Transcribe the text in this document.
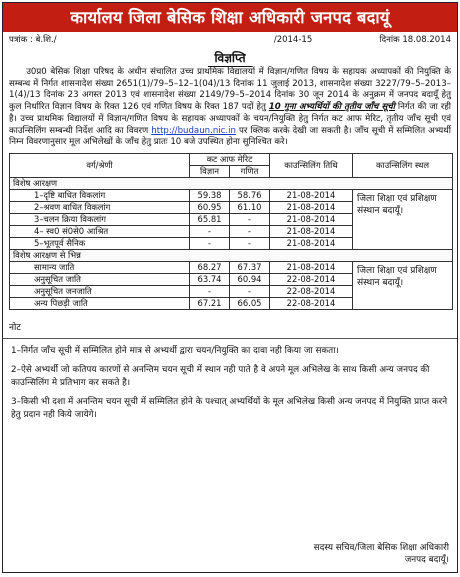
कार्यालय जिला बेसिक शिक्षा अधिकारी जनपद बदायूं
पत्रांक : बे.शि./	/2014-15	दिनांक 18.08.2014
विज्ञप्ति
  उ0प्र0 बेसिक शिक्षा परिषद के अधीन संचालित उच्च प्राथमिक विद्यालयों में विज्ञान/गणित विषय के सहायक अध्यापकों की नियुक्ति के सम्बन्ध में निर्गत शासनादेश संख्या 2651(1)/79–5–12–1(04)/13 दिनांक 11 जुलाई 2013, शासनादेश संख्या 3227/79–5–2013–1(4)/13 दिनांक 23 अगस्त 2013 एवं शासनादेश संख्या 2149/79–5–2014 दिनांक 30 जून 2014 के अनुक्रम में जनपद बदायूँ हेतु कुल निर्धारित विज्ञान विषय के रिक्त 126 एवं गणित विषय के रिक्त 187 पदों हेतु 10 गुना अभ्यर्थियों की तृतीय जाँच सूची निर्गत की जा रही है। उच्च प्राथमिक विद्यालयों में विज्ञान/गणित विषय के सहायक अध्यापकों के चयन/नियुक्ति हेतु निर्गत कट आफ मेरिट, तृतीय जाँच सूची एवं काउन्सिलिंग सम्बन्धी निर्देश आदि का विवरण http://budaun.nic.in पर क्लिक करके देखी जा सकती है। जाँच सूची में सम्मिलित अभ्यर्थी निम्न विवरणानुसार मूल अभिलेखों के जाँच हेतु प्रातः 10 बजे उपस्थित होना सुनिश्चित करे।
वर्ग/श्रेणी	कट आफ मेरिट		काउन्सिलिंग तिथि	काउन्सिलिंग स्थल
	विज्ञान	गणित		
विशेष आरक्षण				
1–दृष्टि बाधित विकलांग	59.38	58.76	21-08-2014	जिला शिक्षा एवं प्रशिक्षण संस्थान बदायूँ।
2–श्रवण बाधित विकलांग	60.95	61.10	21-08-2014	
3–चलन क्रिया विकलांग	65.81	-	21-08-2014	
4– स्व0 सं0से0 आश्रित	-	-	21-08-2014	
5–भूतपूर्व सैनिक	-	-	21-08-2014	
विशेष आरक्षण से भिन्न				
सामान्य जाति	68.27	67.37	21-08-2014	जिला शिक्षा एवं प्रशिक्षण संस्थान बदायूँ।
अनुसूचित जाति	63.74	60.94	22-08-2014	
अनुसूचित जनजाति	-	-	22-08-2014	
अन्य पिछड़ी जाति	67.21	66.05	22-08-2014	
नोट
1–निर्गत जाँच सूची में सम्मिलित होने मात्र से अभ्यर्थी द्वारा चयन/नियुक्ति का दावा नही किया जा सकता।
2–ऐसे अभ्यर्थी जो कतिपय कारणों से अनन्तिम चयन सूची में स्थान नही पाते है वे अपने मूल अभिलेख के साथ किसी अन्य जनपद की काउन्सिलिंग मे प्रतिभाग कर सकते है।
3–किसी भी दशा में अनन्तिम चयन सूची में सम्मिलित होने के पश्चात् अभ्यर्थियों के मूल अभिलेख किसी अन्य जनपद में नियुक्ति प्राप्त करने हेतु प्रदान नही किये जायेगे।
सदस्य सचिव/जिला बेसिक शिक्षा अधिकारी
जनपद बदायूँ।
